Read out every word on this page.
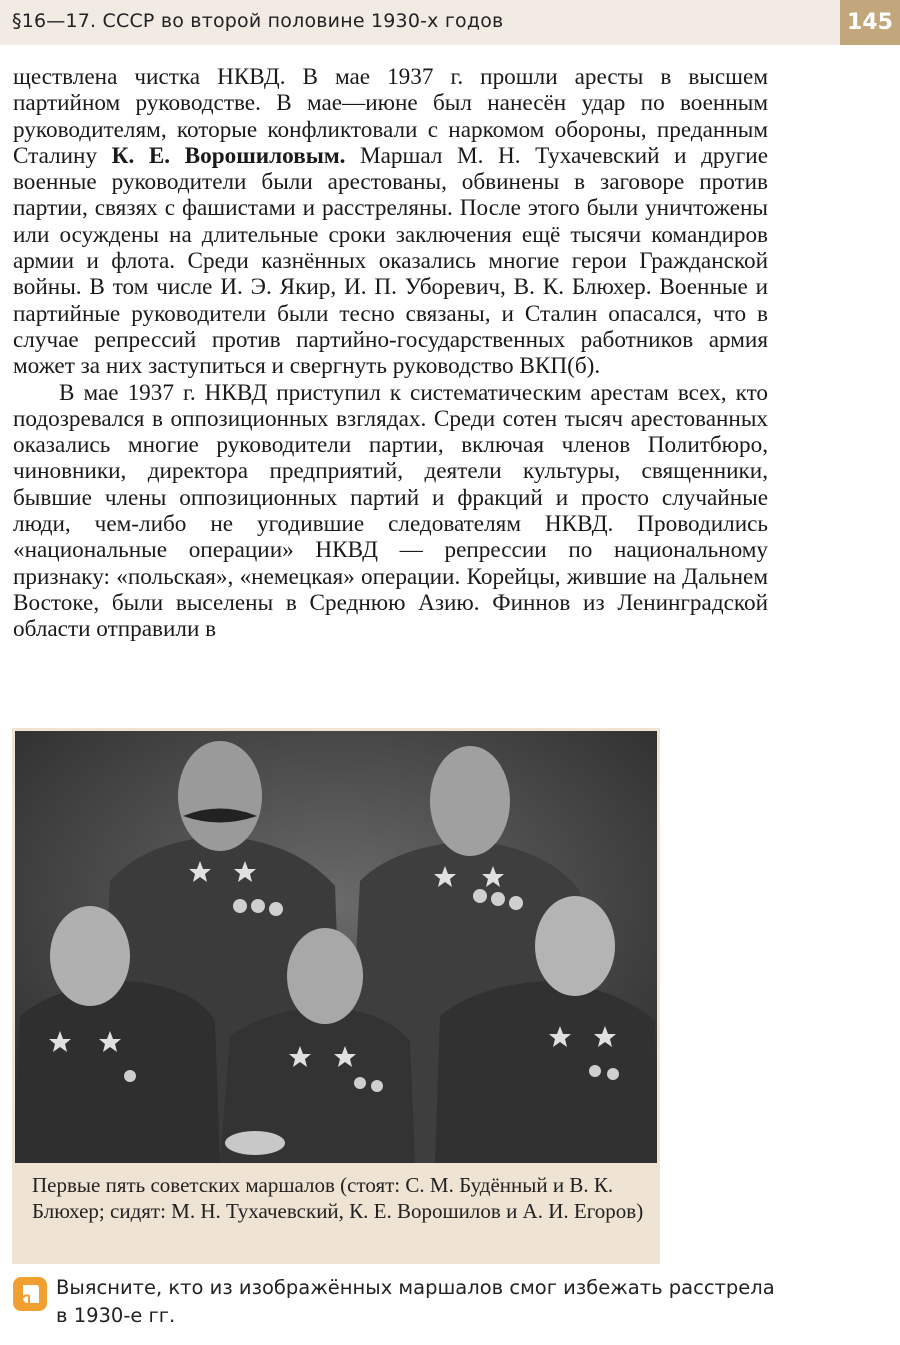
§16—17. СССР во второй половине 1930-х годов	145

ществлена чистка НКВД. В мае 1937 г. прошли аресты в высшем партийном руководстве. В мае—июне был нанесён удар по военным руководителям, которые конфликтовали с наркомом обороны, преданным Сталину К. Е. Ворошиловым. Маршал М. Н. Тухачевский и другие военные руководители были арестованы, обвинены в заговоре против партии, связях с фашистами и расстреляны. После этого были уничтожены или осуждены на длительные сроки заключения ещё тысячи командиров армии и флота. Среди казнённых оказались многие герои Гражданской войны. В том числе И. Э. Якир, И. П. Уборевич, В. К. Блюхер. Военные и партийные руководители были тесно связаны, и Сталин опасался, что в случае репрессий против партийно-государственных работников армия может за них заступиться и свергнуть руководство ВКП(б).

В мае 1937 г. НКВД приступил к систематическим арестам всех, кто подозревался в оппозиционных взглядах. Среди сотен тысяч арестованных оказались многие руководители партии, включая членов Политбюро, чиновники, директора предприятий, деятели культуры, священники, бывшие члены оппозиционных партий и фракций и просто случайные люди, чем-либо не угодившие следователям НКВД. Проводились «национальные операции» НКВД — репрессии по национальному признаку: «польская», «немецкая» операции. Корейцы, жившие на Дальнем Востоке, были выселены в Среднюю Азию. Финнов из Ленинградской области отправили в

Первые пять советских маршалов (стоят: С. М. Будённый и В. К. Блюхер; сидят: М. Н. Тухачевский, К. Е. Ворошилов и А. И. Егоров)
Выясните, кто из изображённых маршалов смог избежать расстрела в 1930-е гг.
